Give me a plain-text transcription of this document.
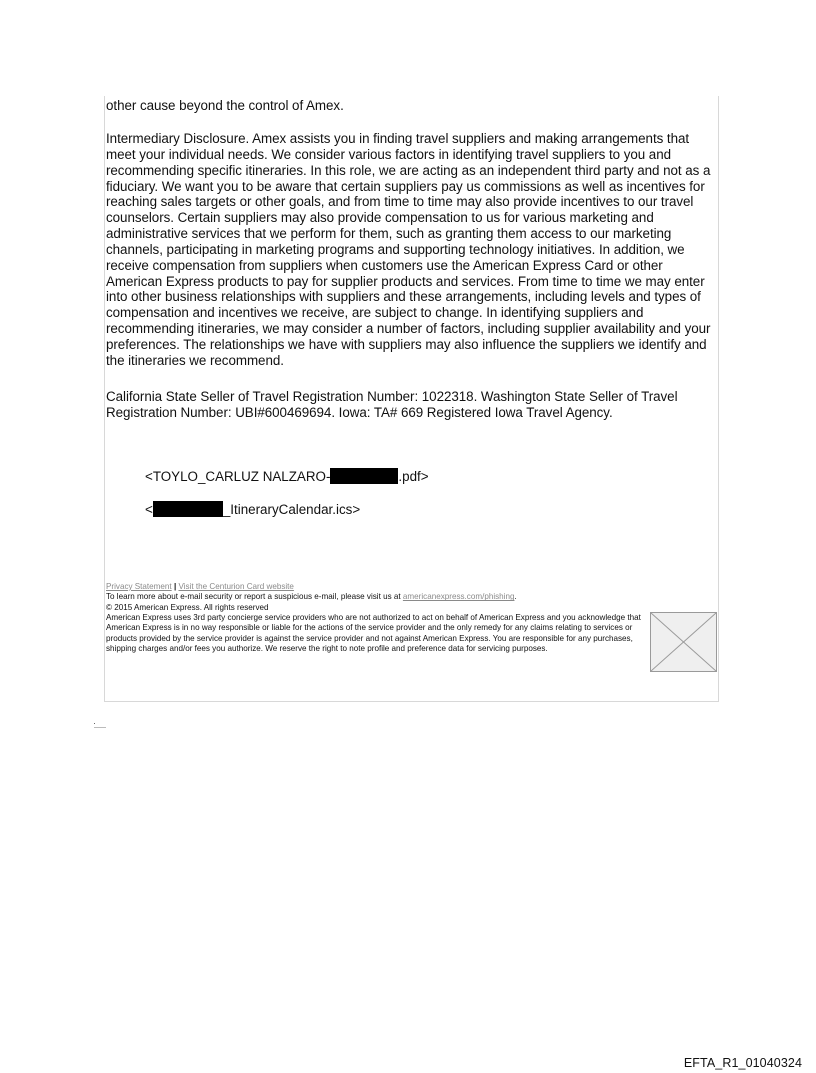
other cause beyond the control of Amex.

Intermediary Disclosure. Amex assists you in finding travel suppliers and making arrangements that meet your individual needs. We consider various factors in identifying travel suppliers to you and recommending specific itineraries. In this role, we are acting as an independent third party and not as a fiduciary. We want you to be aware that certain suppliers pay us commissions as well as incentives for reaching sales targets or other goals, and from time to time may also provide incentives to our travel counselors. Certain suppliers may also provide compensation to us for various marketing and administrative services that we perform for them, such as granting them access to our marketing channels, participating in marketing programs and supporting technology initiatives. In addition, we receive compensation from suppliers when customers use the American Express Card or other American Express products to pay for supplier products and services. From time to time we may enter into other business relationships with suppliers and these arrangements, including levels and types of compensation and incentives we receive, are subject to change. In identifying suppliers and recommending itineraries, we may consider a number of factors, including supplier availability and your preferences. The relationships we have with suppliers may also influence the suppliers we identify and the itineraries we recommend.

California State Seller of Travel Registration Number: 1022318. Washington State Seller of Travel Registration Number: UBI#600469694. Iowa: TA# 669 Registered Iowa Travel Agency.

<TOYLO_CARLUZ NALZARO-	.pdf>
<	_ItineraryCalendar.ics>

Privacy Statement | Visit the Centurion Card website

To learn more about e-mail security or report a suspicious e-mail, please visit us at americanexpress.com/phishing.

© 2015 American Express. All rights reserved

American Express uses 3rd party concierge service providers who are not authorized to act on behalf of American Express and you acknowledge that American Express is in no way responsible or liable for the actions of the service provider and the only remedy for any claims relating to services or products provided by the service provider is against the service provider and not against American Express. You are responsible for any purchases, shipping charges and/or fees you authorize. We reserve the right to note profile and preference data for servicing purposes.

EFTA_R1_01040324
